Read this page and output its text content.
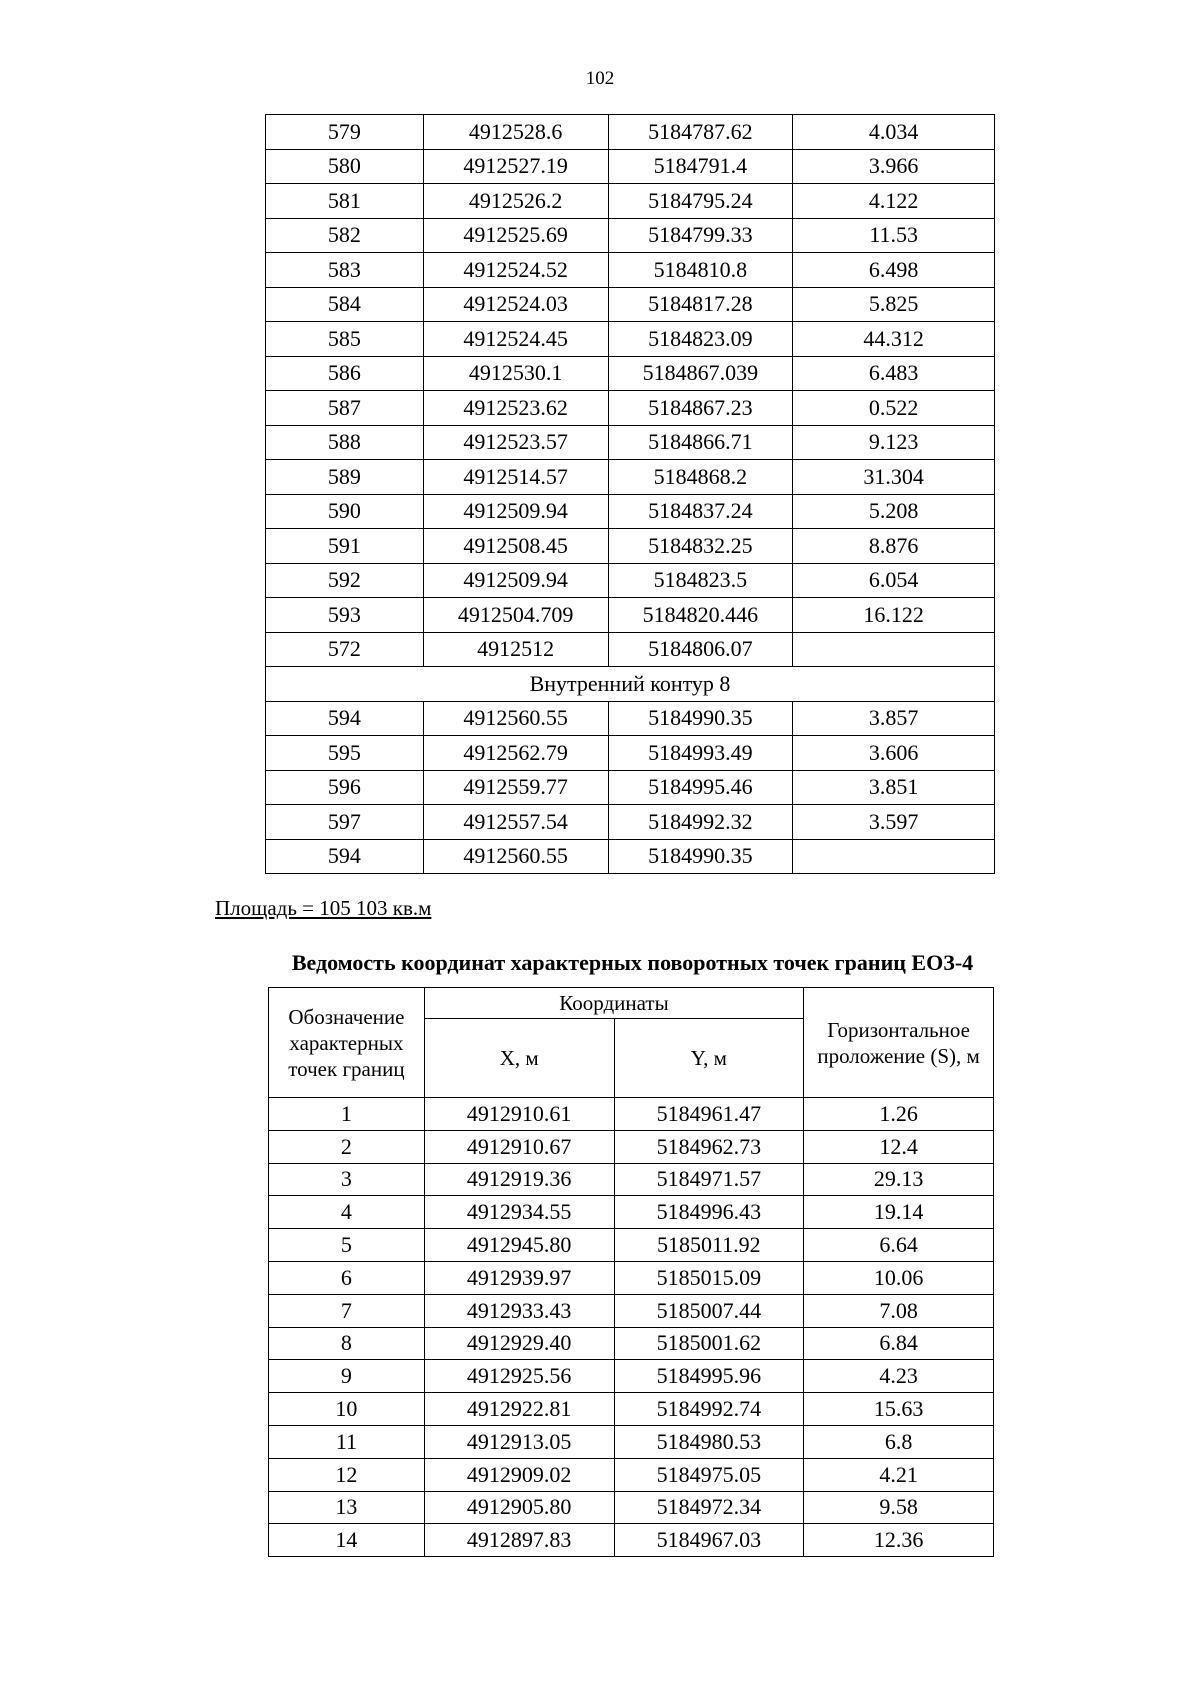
102
579	4912528.6	5184787.62	4.034
580	4912527.19	5184791.4	3.966
581	4912526.2	5184795.24	4.122
582	4912525.69	5184799.33	11.53
583	4912524.52	5184810.8	6.498
584	4912524.03	5184817.28	5.825
585	4912524.45	5184823.09	44.312
586	4912530.1	5184867.039	6.483
587	4912523.62	5184867.23	0.522
588	4912523.57	5184866.71	9.123
589	4912514.57	5184868.2	31.304
590	4912509.94	5184837.24	5.208
591	4912508.45	5184832.25	8.876
592	4912509.94	5184823.5	6.054
593	4912504.709	5184820.446	16.122
572	4912512	5184806.07	
Внутренний контур 8			
594	4912560.55	5184990.35	3.857
595	4912562.79	5184993.49	3.606
596	4912559.77	5184995.46	3.851
597	4912557.54	5184992.32	3.597
594	4912560.55	5184990.35	
Площадь = 105 103 кв.м
Ведомость координат характерных поворотных точек границ ЕОЗ-4
Обозначение характерных точек границ	Координаты		Горизонтальное проложение (S), м
	X, м	Y, м	
1	4912910.61	5184961.47	1.26
2	4912910.67	5184962.73	12.4
3	4912919.36	5184971.57	29.13
4	4912934.55	5184996.43	19.14
5	4912945.80	5185011.92	6.64
6	4912939.97	5185015.09	10.06
7	4912933.43	5185007.44	7.08
8	4912929.40	5185001.62	6.84
9	4912925.56	5184995.96	4.23
10	4912922.81	5184992.74	15.63
11	4912913.05	5184980.53	6.8
12	4912909.02	5184975.05	4.21
13	4912905.80	5184972.34	9.58
14	4912897.83	5184967.03	12.36
